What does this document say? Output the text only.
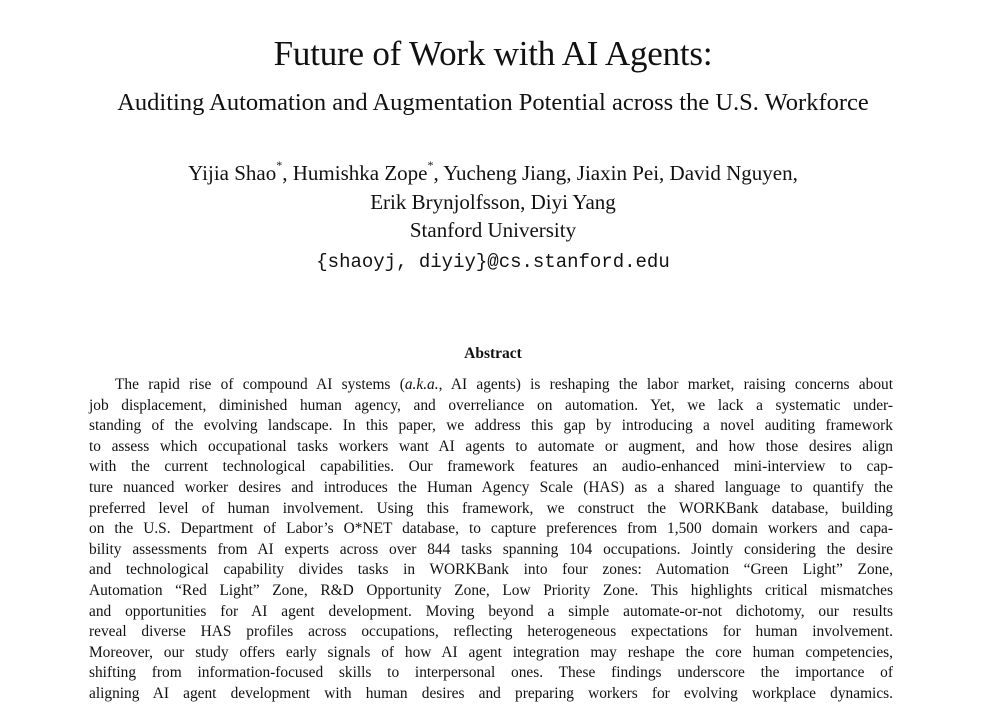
Future of Work with AI Agents:
Auditing Automation and Augmentation Potential across the U.S. Workforce
Yijia Shao*, Humishka Zope*, Yucheng Jiang, Jiaxin Pei, David Nguyen,
Erik Brynjolfsson, Diyi Yang
Stanford University
{shaoyj, diyiy}@cs.stanford.edu
Abstract
The rapid rise of compound AI systems (a.k.a., AI agents) is reshaping the labor market, raising concerns about
job displacement, diminished human agency, and overreliance on automation. Yet, we lack a systematic under-
standing of the evolving landscape. In this paper, we address this gap by introducing a novel auditing framework
to assess which occupational tasks workers want AI agents to automate or augment, and how those desires align
with the current technological capabilities. Our framework features an audio-enhanced mini-interview to cap-
ture nuanced worker desires and introduces the Human Agency Scale (HAS) as a shared language to quantify the
preferred level of human involvement. Using this framework, we construct the WORKBank database, building
on the U.S. Department of Labor’s O*NET database, to capture preferences from 1,500 domain workers and capa-
bility assessments from AI experts across over 844 tasks spanning 104 occupations. Jointly considering the desire
and technological capability divides tasks in WORKBank into four zones: Automation “Green Light” Zone,
Automation “Red Light” Zone, R&D Opportunity Zone, Low Priority Zone. This highlights critical mismatches
and opportunities for AI agent development. Moving beyond a simple automate-or-not dichotomy, our results
reveal diverse HAS profiles across occupations, reflecting heterogeneous expectations for human involvement.
Moreover, our study offers early signals of how AI agent integration may reshape the core human competencies,
shifting from information-focused skills to interpersonal ones. These findings underscore the importance of
aligning AI agent development with human desires and preparing workers for evolving workplace dynamics.
